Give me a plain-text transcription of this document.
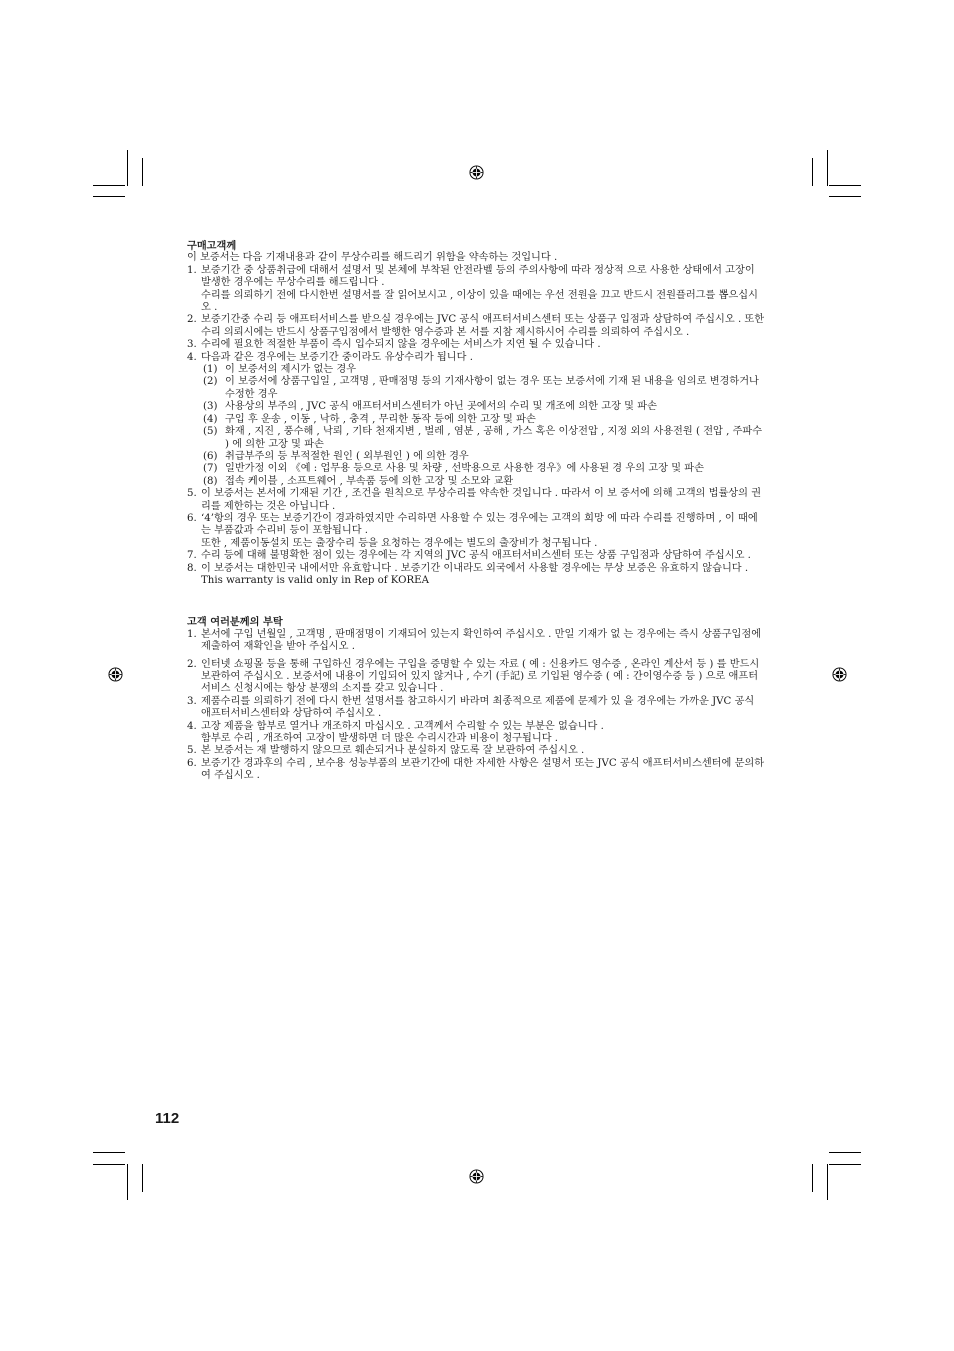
구매고객께
이 보증서는 다음 기재내용과 같이 무상수리를 해드리기 위함을 약속하는 것입니다 .
1. 보증기간 중 상품취급에 대해서 설명서 및 본체에 부착된 안전라벨 등의 주의사항에 따라 정상적 으로 사용한 상태에서 고장이 발생한 경우에는 무상수리를 해드립니다 .
수리를 의뢰하기 전에 다시한번 설명서를 잘 읽어보시고 , 이상이 있을 때에는 우선 전원을 끄고 반드시 전원플러그를 뽑으십시오 .
2. 보증기간중 수리 등 애프터서비스를 받으실 경우에는 JVC 공식 애프터서비스센터 또는 상품구 입점과 상담하여 주십시오 . 또한 수리 의뢰시에는 반드시 상품구입점에서 발행한 영수증과 본 서를 지참 제시하시어 수리를 의뢰하여 주십시오 .
3. 수리에 필요한 적절한 부품이 즉시 입수되지 않을 경우에는 서비스가 지연 될 수 있습니다 .
4. 다음과 같은 경우에는 보증기간 중이라도 유상수리가 됩니다 .
(1) 이 보증서의 제시가 없는 경우
(2) 이 보증서에 상품구입일 , 고객명 , 판매점명 등의 기재사항이 없는 경우 또는 보증서에 기재 된 내용을 임의로 변경하거나 수정한 경우
(3) 사용상의 부주의 , JVC 공식 애프터서비스센터가 아닌 곳에서의 수리 및 개조에 의한 고장 및 파손
(4) 구입 후 운송 , 이동 , 낙하 , 충격 , 무리한 동작 등에 의한 고장 및 파손
(5) 화재 , 지진 , 풍수해 , 낙뢰 , 기타 천재지변 , 벌레 , 염분 , 공해 , 가스 혹은 이상전압 , 지정 외의 사용전원 ( 전압 , 주파수 ) 에 의한 고장 및 파손
(6) 취급부주의 등 부적절한 원인 ( 외부원인 ) 에 의한 경우
(7) 일반가정 이외 《예 : 업무용 등으로 사용 및 차량 , 선박용으로 사용한 경우》에 사용된 경 우의 고장 및 파손
(8) 접속 케이블 , 소프트웨어 , 부속품 등에 의한 고장 및 소모와 교환
5. 이 보증서는 본서에 기재된 기간 , 조건을 원칙으로 무상수리를 약속한 것입니다 . 따라서 이 보 증서에 의해 고객의 법률상의 권리를 제한하는 것은 아닙니다 .
6. ‘4’항의 경우 또는 보증기간이 경과하였지만 수리하면 사용할 수 있는 경우에는 고객의 희망 에 따라 수리를 진행하며 , 이 때에는 부품값과 수리비 등이 포함됩니다 .
또한 , 제품이동설치 또는 출장수리 등을 요청하는 경우에는 별도의 출장비가 청구됩니다 .
7. 수리 등에 대해 불명확한 점이 있는 경우에는 각 지역의 JVC 공식 애프터서비스센터 또는 상품 구입점과 상담하여 주십시오 .
8. 이 보증서는 대한민국 내에서만 유효합니다 . 보증기간 이내라도 외국에서 사용할 경우에는 무상 보증은 유효하지 않습니다 .
This warranty is valid only in Rep of KOREA
고객 여러분께의 부탁
1. 본서에 구입 년월일 , 고객명 , 판매점명이 기재되어 있는지 확인하여 주십시오 . 만일 기재가 없 는 경우에는 즉시 상품구입점에 제출하여 재확인을 받아 주십시오 .
2. 인터넷 쇼핑몰 등을 통해 구입하신 경우에는 구입을 증명할 수 있는 자료 ( 예 : 신용카드 영수증 , 온라인 계산서 등 ) 를 반드시 보관하여 주십시오 . 보증서에 내용이 기입되어 있지 않거나 , 수기 (手記) 로 기입된 영수증 ( 예 : 간이영수증 등 ) 으로 애프터서비스 신청시에는 항상 분쟁의 소지를 갖고 있습니다 .
3. 제품수리를 의뢰하기 전에 다시 한번 설명서를 참고하시기 바라며 최종적으로 제품에 문제가 있 을 경우에는 가까운 JVC 공식 애프터서비스센터와 상담하여 주십시오 .
4. 고장 제품을 함부로 열거나 개조하지 마십시오 . 고객께서 수리할 수 있는 부분은 없습니다 .
함부로 수리 , 개조하여 고장이 발생하면 더 많은 수리시간과 비용이 청구됩니다 .
5. 본 보증서는 재 발행하지 않으므로 훼손되거나 분실하지 않도록 잘 보관하여 주십시오 .
6. 보증기간 경과후의 수리 , 보수용 성능부품의 보관기간에 대한 자세한 사항은 설명서 또는 JVC 공식 애프터서비스센터에 문의하여 주십시오 .
112
